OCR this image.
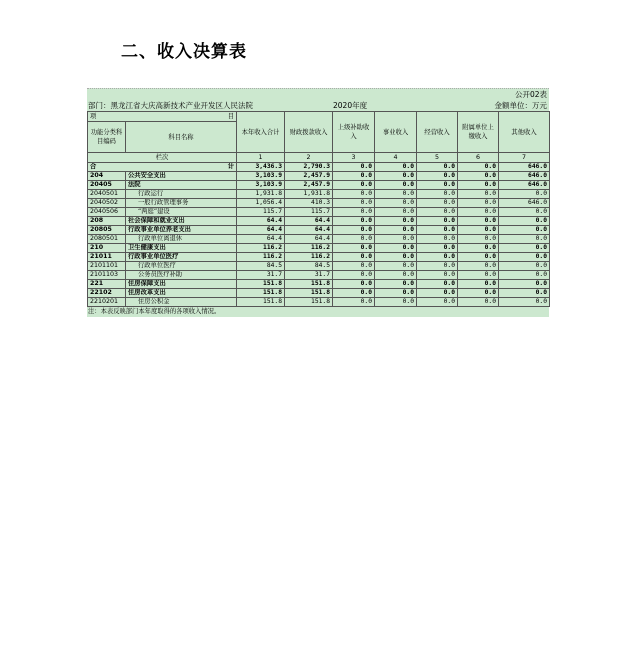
二、收入决算表
公开02表
部门：黑龙江省大庆高新技术产业开发区人民法院	2020年度	金额单位：万元
项 目		本年收入合计	财政拨款收入	上级补助收入	事业收入	经营收入	附属单位上缴收入	其他收入
功能分类科目编码	科目名称							
栏次		1	2	3	4	5	6	7
合 计		3,436.3	2,790.3	0.0	0.0	0.0	0.0	646.0
204	公共安全支出	3,103.9	2,457.9	0.0	0.0	0.0	0.0	646.0
20405	法院	3,103.9	2,457.9	0.0	0.0	0.0	0.0	646.0
2040501	行政运行	1,931.8	1,931.8	0.0	0.0	0.0	0.0	0.0
2040502	一般行政管理事务	1,056.4	410.3	0.0	0.0	0.0	0.0	646.0
2040506	“两庭”建设	115.7	115.7	0.0	0.0	0.0	0.0	0.0
208	社会保障和就业支出	64.4	64.4	0.0	0.0	0.0	0.0	0.0
20805	行政事业单位养老支出	64.4	64.4	0.0	0.0	0.0	0.0	0.0
2080501	行政单位离退休	64.4	64.4	0.0	0.0	0.0	0.0	0.0
210	卫生健康支出	116.2	116.2	0.0	0.0	0.0	0.0	0.0
21011	行政事业单位医疗	116.2	116.2	0.0	0.0	0.0	0.0	0.0
2101101	行政单位医疗	84.5	84.5	0.0	0.0	0.0	0.0	0.0
2101103	公务员医疗补助	31.7	31.7	0.0	0.0	0.0	0.0	0.0
221	住房保障支出	151.8	151.8	0.0	0.0	0.0	0.0	0.0
22102	住房改革支出	151.8	151.8	0.0	0.0	0.0	0.0	0.0
2210201	住房公积金	151.8	151.8	0.0	0.0	0.0	0.0	0.0
注：本表反映部门本年度取得的各项收入情况。
